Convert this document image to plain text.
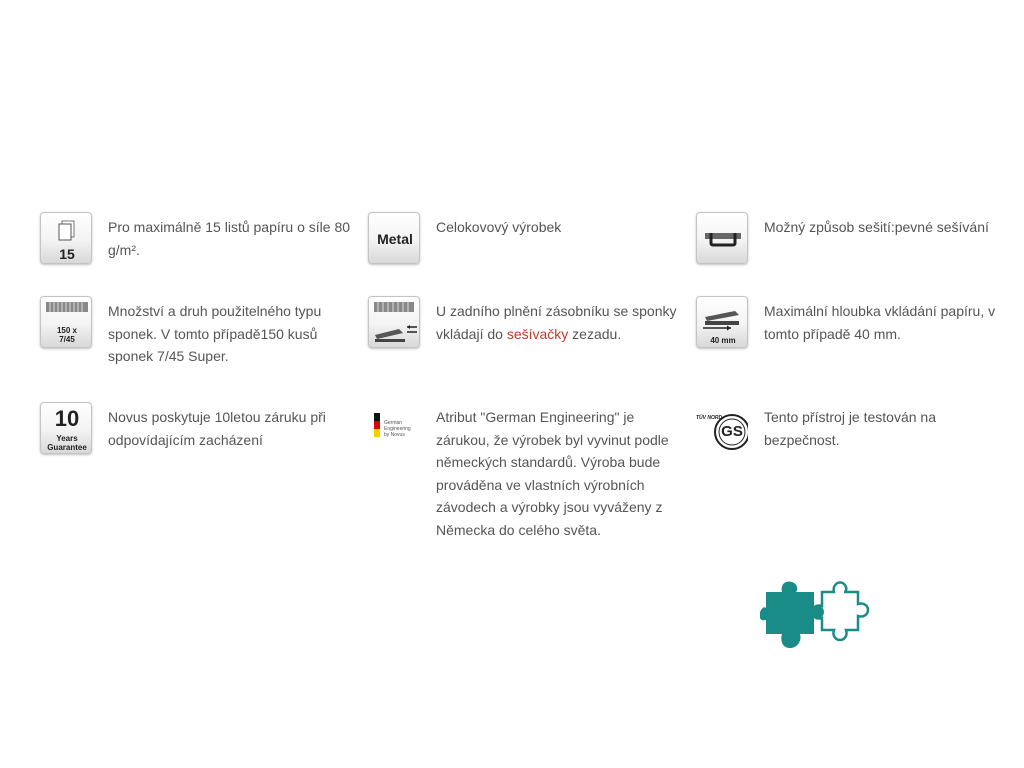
15
Pro maximálně 15 listů papíru o síle 80 g/m².
Metal
Celokovový výrobek	Možný způsob sešití:pevné sešívání
150 x
7/45
Množství a druh použitelného typu sponek. V tomto případě150 kusů sponek 7/45 Super.
U zadního plnění zásobníku se sponky vkládají do sešívačky zezadu.	40 mm
Maximální hloubka vkládání papíru, v tomto případě 40 mm.
10
Years
Guarantee
Novus poskytuje 10letou záruku při odpovídajícím zacházení
German
Engineering
by Novus
Atribut "German Engineering" je zárukou, že výrobek byl vyvinut podle německých standardů. Výroba bude prováděna ve vlastních výrobních závodech a výrobky jsou vyváženy z Německa do celého světa.
TÜV NORD
GS
Tento přístroj je testován na bezpečnost.
